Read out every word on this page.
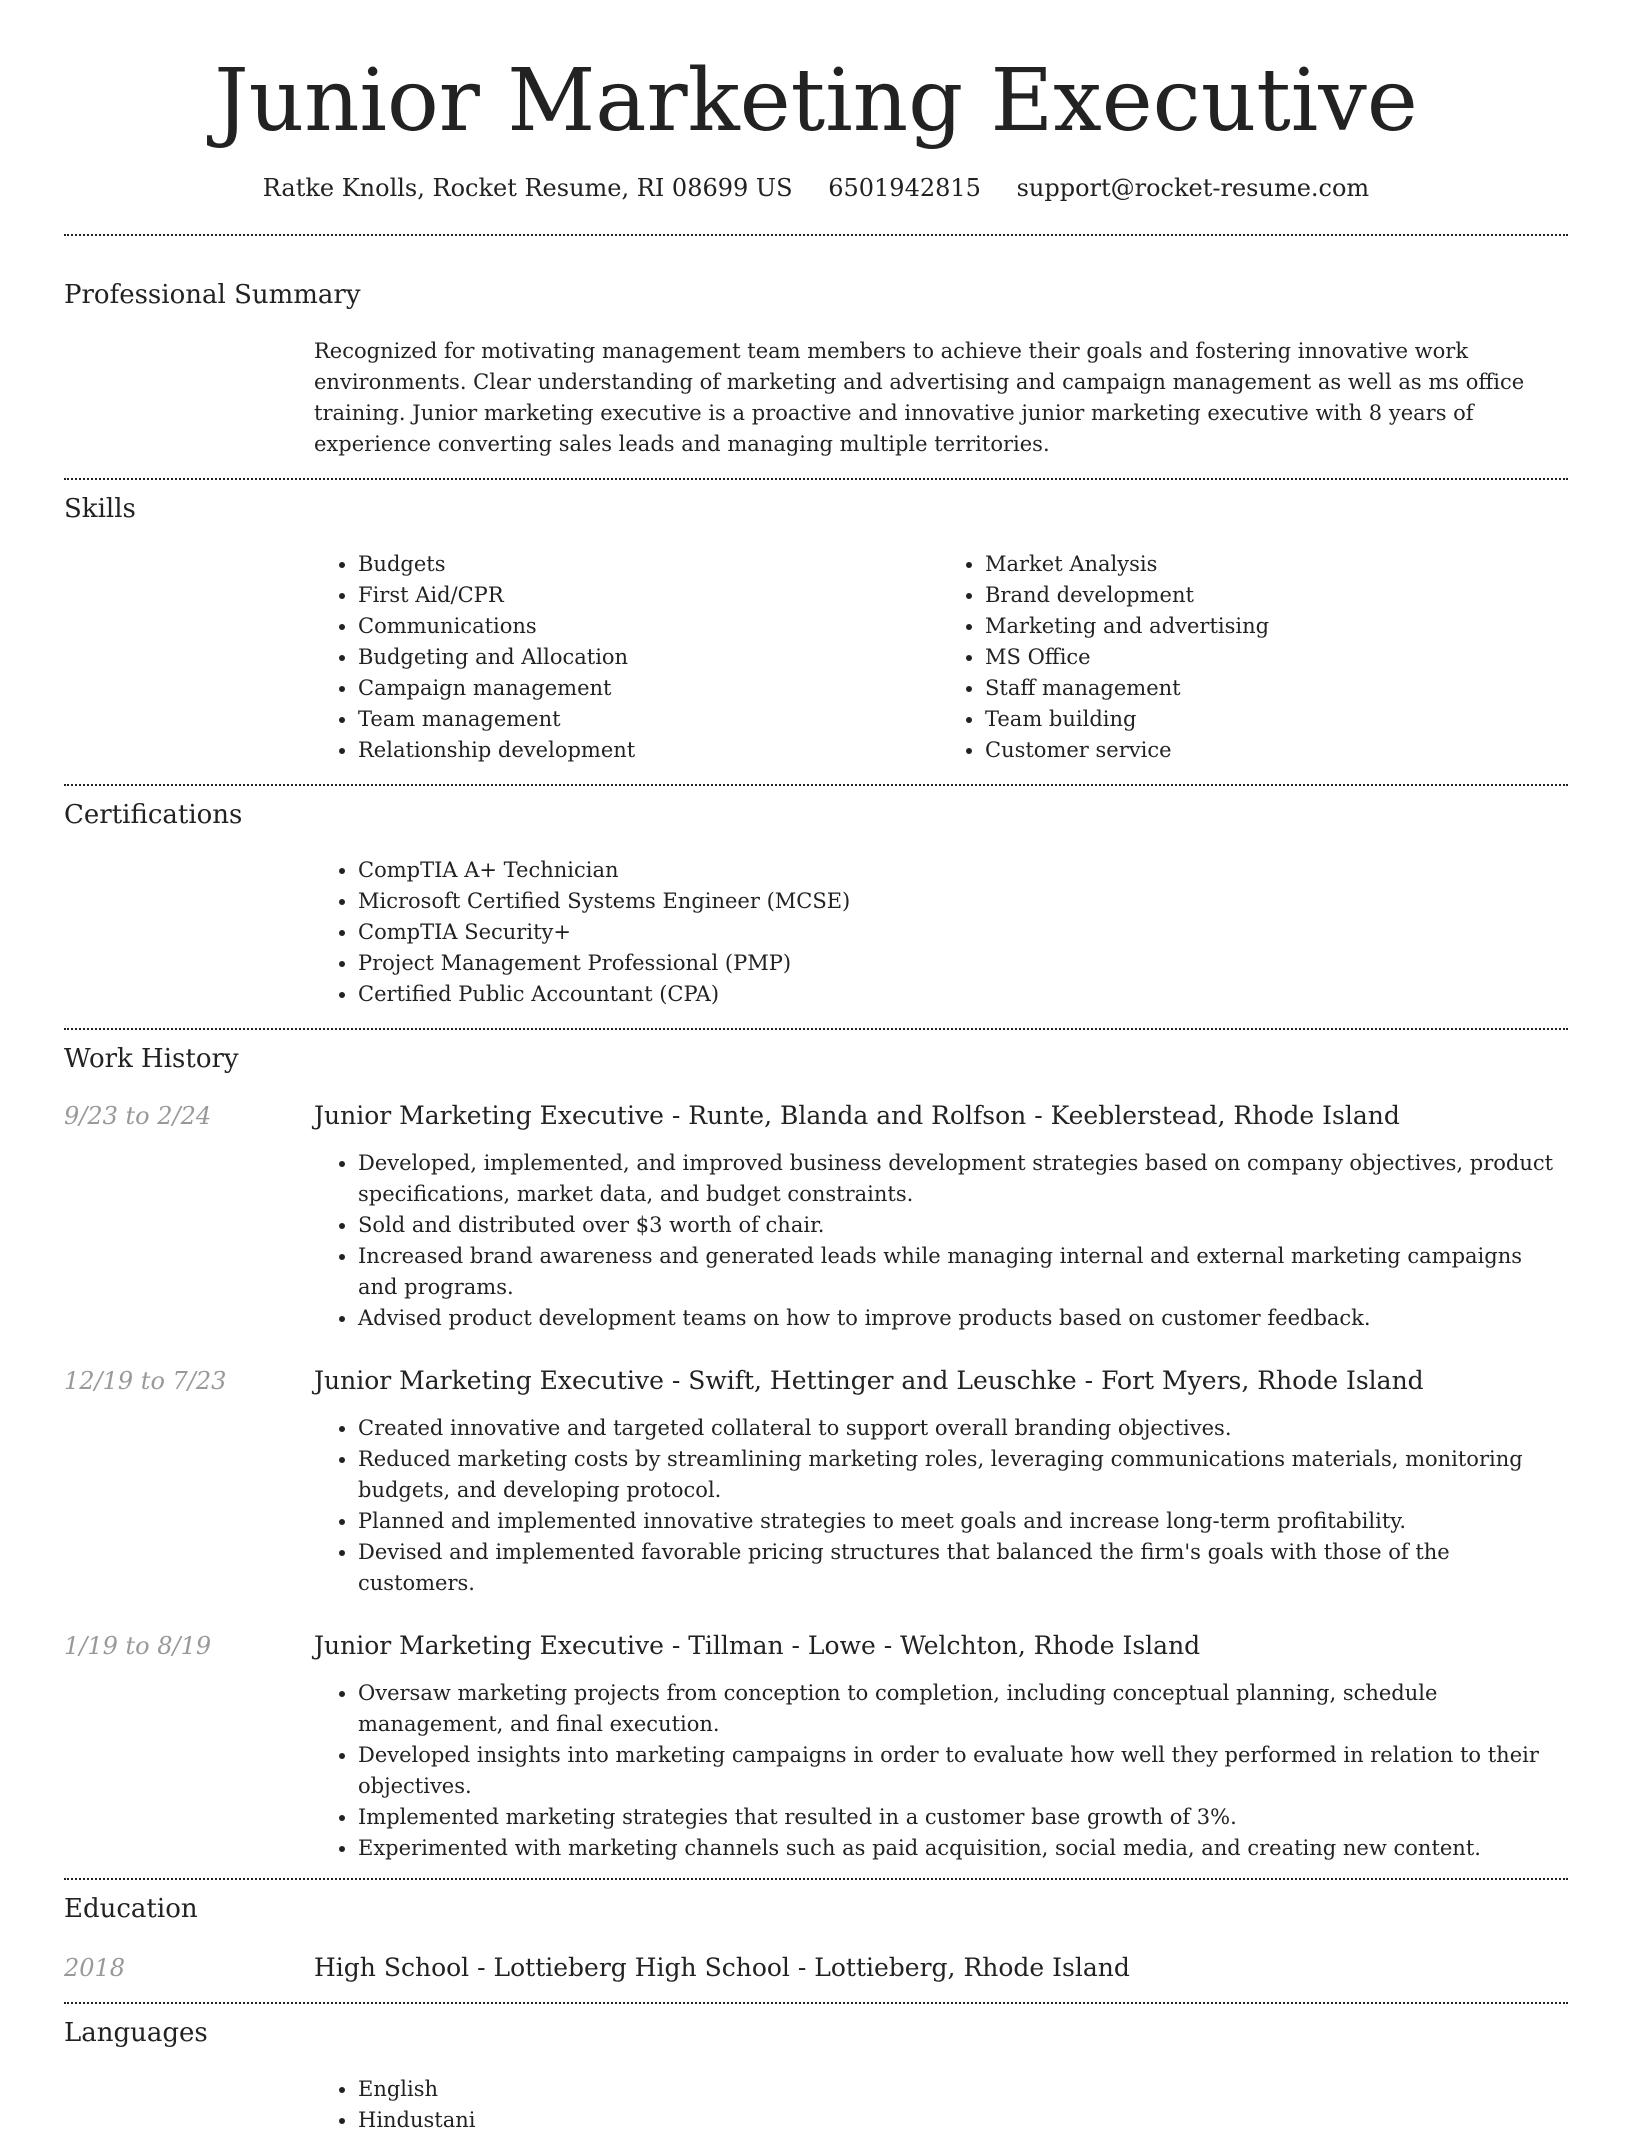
Junior Marketing Executive
Ratke Knolls, Rocket Resume, RI 08699 US 6501942815 support@rocket-resume.com
Professional Summary
Recognized for motivating management team members to achieve their goals and fostering innovative work environments. Clear understanding of marketing and advertising and campaign management as well as ms office training. Junior marketing executive is a proactive and innovative junior marketing executive with 8 years of experience converting sales leads and managing multiple territories.
Skills
• Budgets
• First Aid/CPR
• Communications
• Budgeting and Allocation
• Campaign management
• Team management
• Relationship development
• Market Analysis
• Brand development
• Marketing and advertising
• MS Office
• Staff management
• Team building
• Customer service
Certifications
• CompTIA A+ Technician
• Microsoft Certified Systems Engineer (MCSE)
• CompTIA Security+
• Project Management Professional (PMP)
• Certified Public Accountant (CPA)
Work History
9/23 to 2/24	Junior Marketing Executive - Runte, Blanda and Rolfson - Keeblerstead, Rhode Island
• Developed, implemented, and improved business development strategies based on company objectives, product specifications, market data, and budget constraints.
• Sold and distributed over $3 worth of chair.
• Increased brand awareness and generated leads while managing internal and external marketing campaigns and programs.
• Advised product development teams on how to improve products based on customer feedback.
12/19 to 7/23	Junior Marketing Executive - Swift, Hettinger and Leuschke - Fort Myers, Rhode Island
• Created innovative and targeted collateral to support overall branding objectives.
• Reduced marketing costs by streamlining marketing roles, leveraging communications materials, monitoring budgets, and developing protocol.
• Planned and implemented innovative strategies to meet goals and increase long-term profitability.
• Devised and implemented favorable pricing structures that balanced the firm's goals with those of the customers.
1/19 to 8/19	Junior Marketing Executive - Tillman - Lowe - Welchton, Rhode Island
• Oversaw marketing projects from conception to completion, including conceptual planning, schedule management, and final execution.
• Developed insights into marketing campaigns in order to evaluate how well they performed in relation to their objectives.
• Implemented marketing strategies that resulted in a customer base growth of 3%.
• Experimented with marketing channels such as paid acquisition, social media, and creating new content.
Education
2018	High School - Lottieberg High School - Lottieberg, Rhode Island
Languages
• English
• Hindustani
